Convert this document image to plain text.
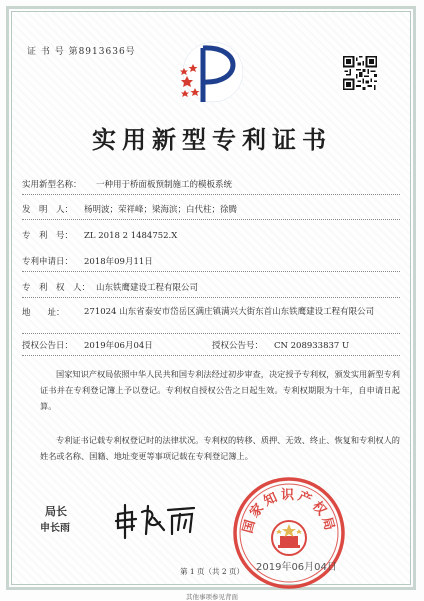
证 书 号 第8913636号
实用新型专利证书
实用新型名称： 一种用于桥面板预制施工的模板系统
发　明　人： 杨明波；荣祥峰；梁海滨；白代柱；徐腾
专　利　号： ZL 2018 2 1484752.X
专利申请日： 2018年09月11日
专　利　权　人： 山东铁鹰建设工程有限公司
地　　址：	271024 山东省泰安市岱岳区满庄镇满兴大街东首山东铁鹰建设工程有限公司
授权公告日： 2019年06月04日	授权公告号： CN 208933837 U
国家知识产权局依照中华人民共和国专利法经过初步审查，决定授予专利权，颁发实用新型专利证书并在专利登记簿上予以登记。专利权自授权公告之日起生效。专利权期限为十年，自申请日起算。
专利证书记载专利权登记时的法律状况。专利权的转移、质押、无效、终止、恢复和专利权人的姓名或名称、国籍、地址变更等事项记载在专利登记簿上。
局长
申长雨	国家知识产权局
2019年06月04日
第 1 页（共 2 页）
其他事项参见背面
